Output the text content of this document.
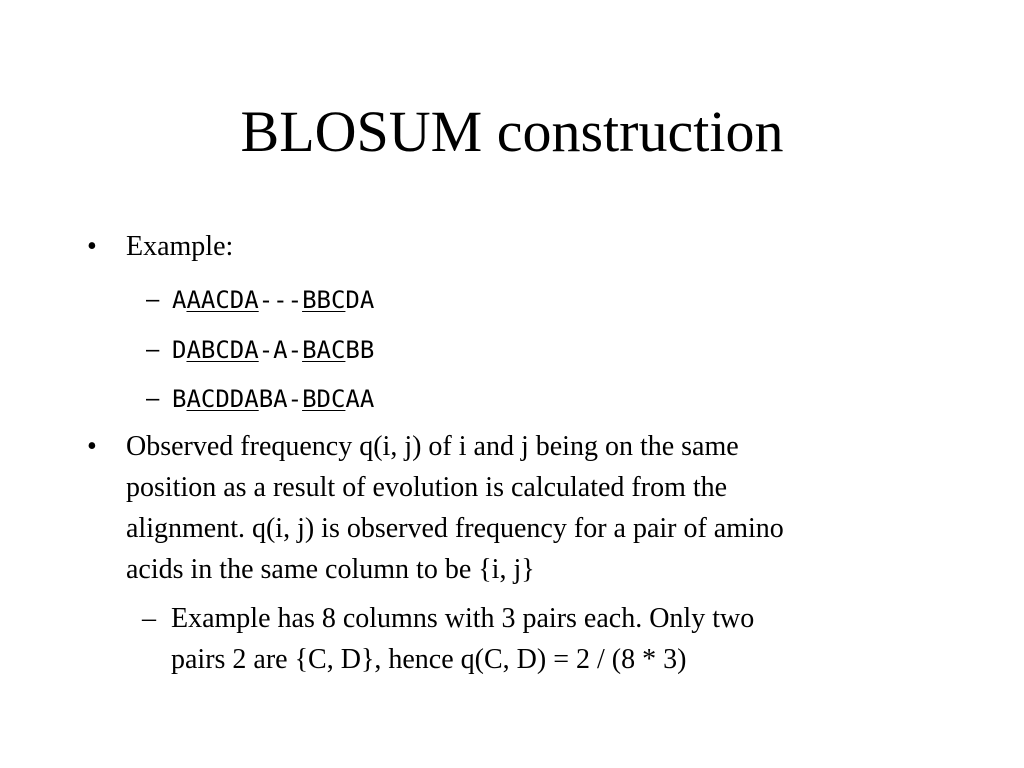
BLOSUM construction
• Example:
– AAACDA---BBCDA
– DABCDA-A-BACBB
– BACDDABA-BDCAA
• Observed frequency q(i, j) of i and j being on the same
position as a result of evolution is calculated from the
alignment. q(i, j) is observed frequency for a pair of amino
acids in the same column to be {i, j}
– Example has 8 columns with 3 pairs each. Only two
pairs 2 are {C, D}, hence q(C, D) = 2 / (8 * 3)
